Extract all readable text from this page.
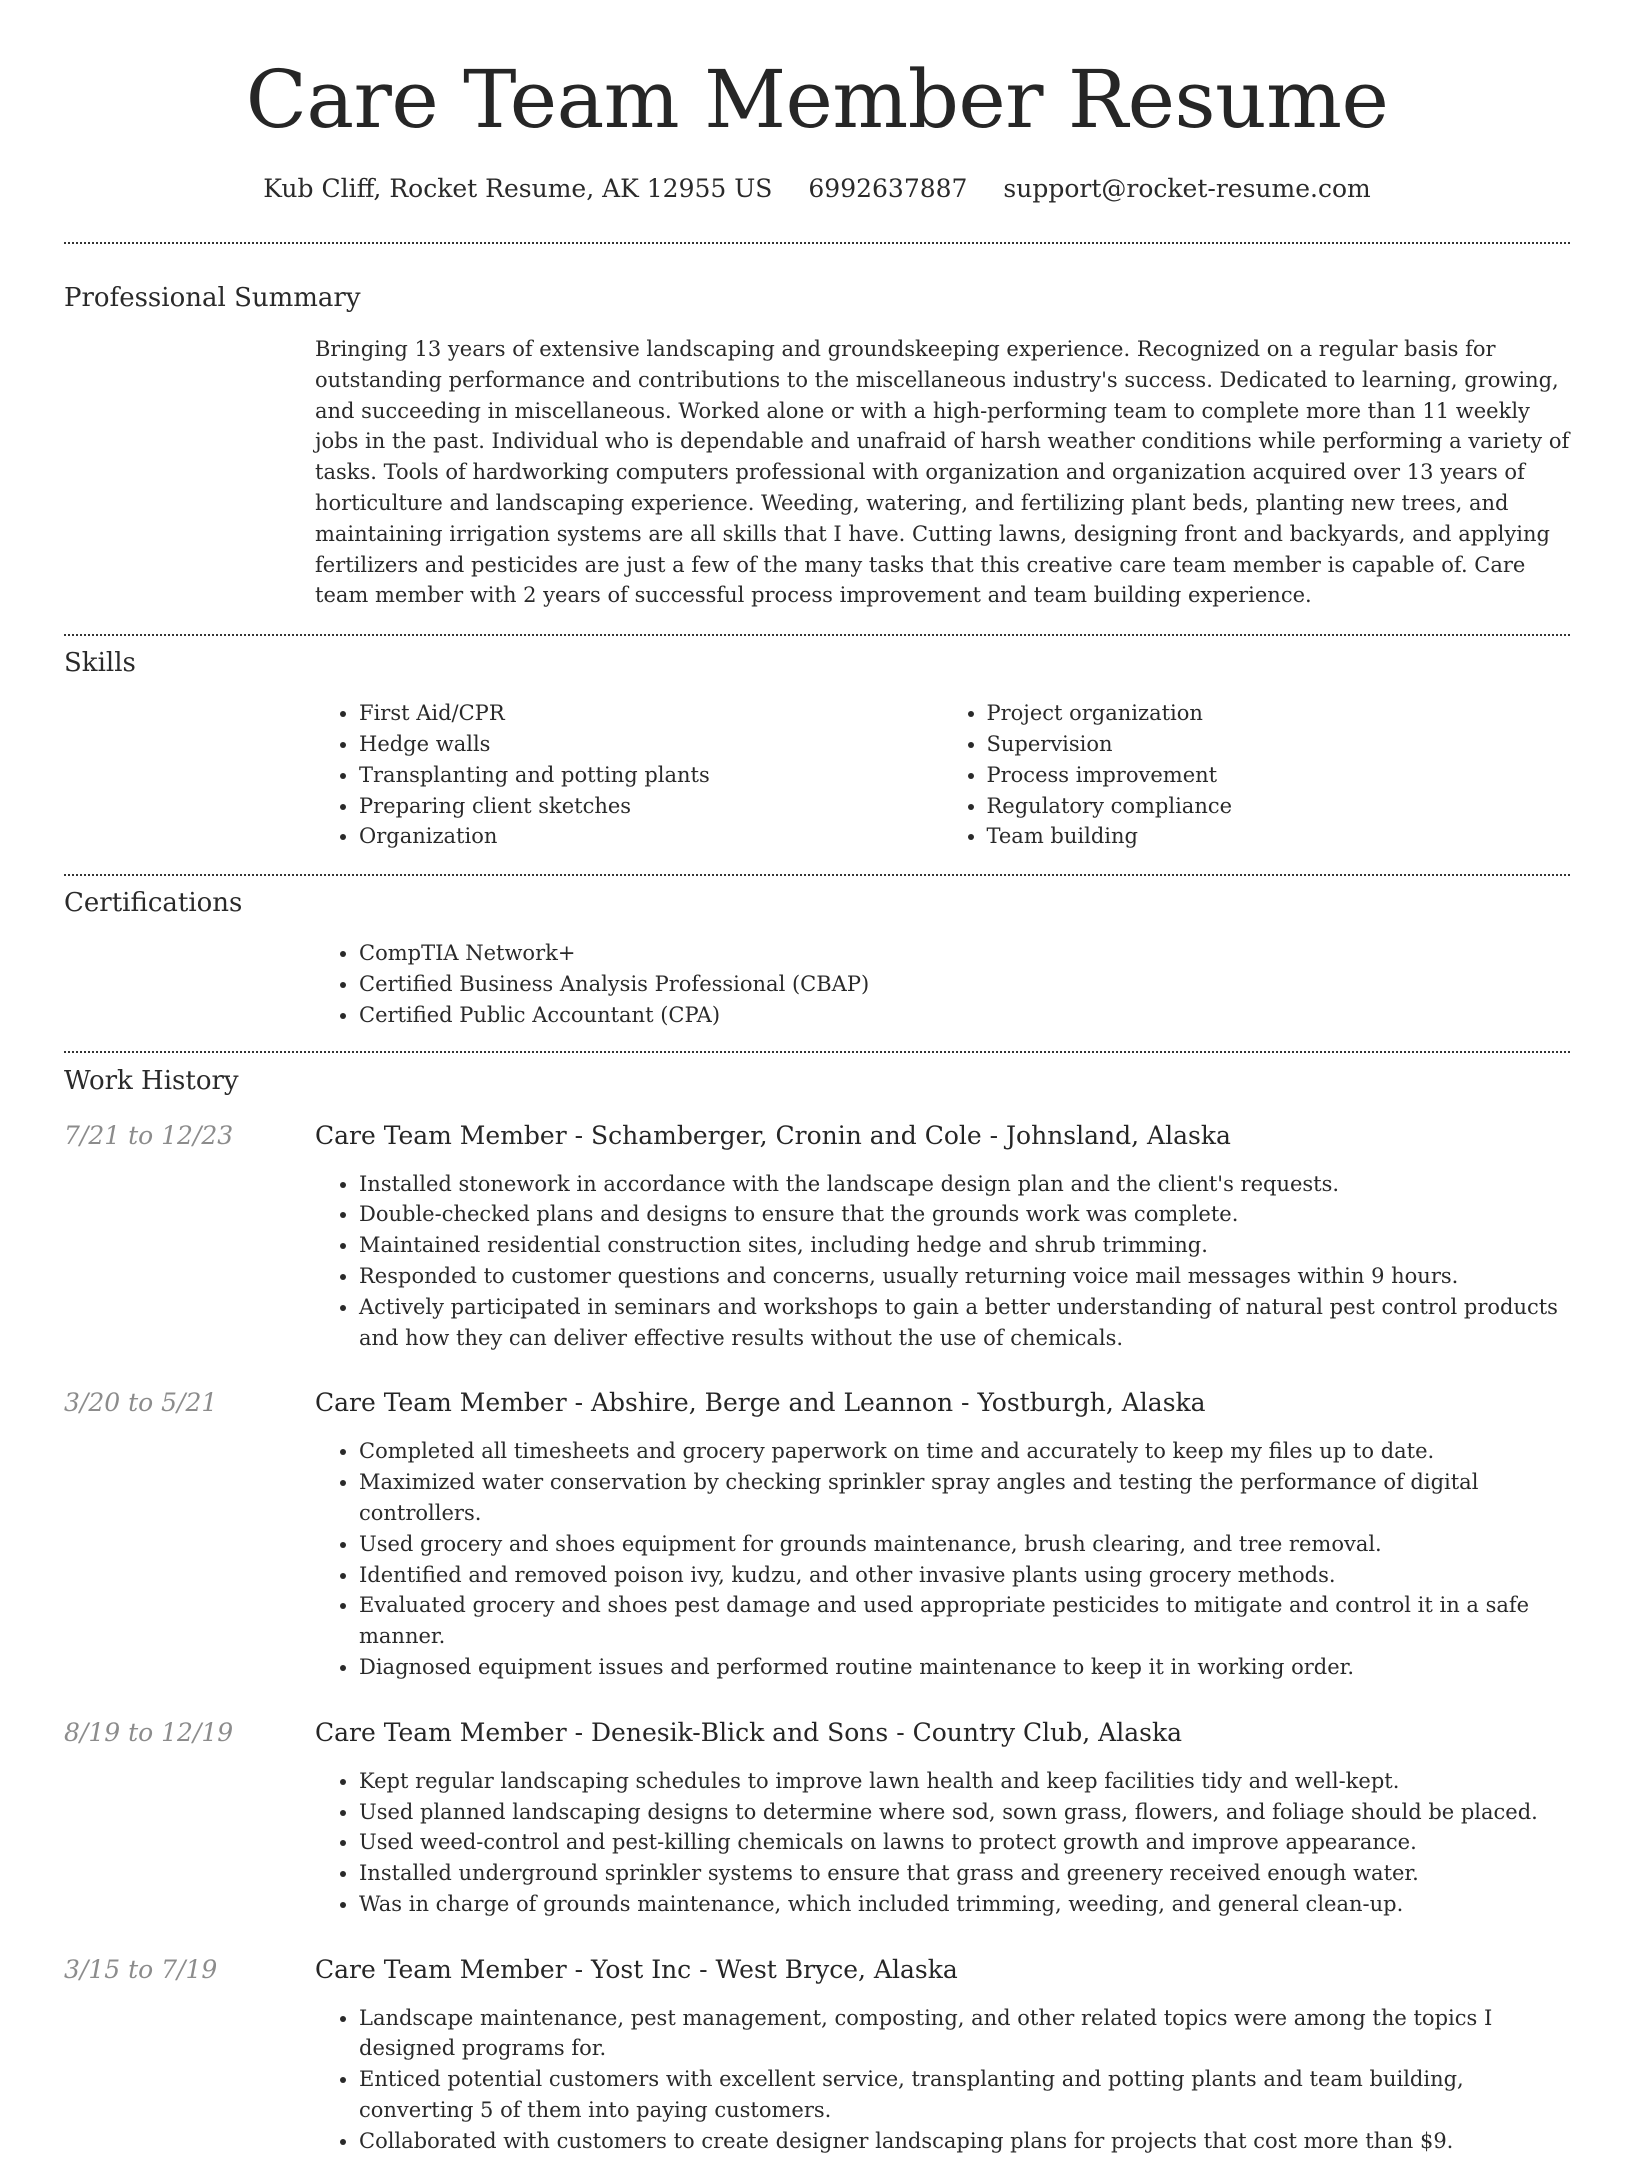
Care Team Member Resume
Kub Cliff, Rocket Resume, AK 12955 US 6992637887 support@rocket-resume.com
Professional Summary

Bringing 13 years of extensive landscaping and groundskeeping experience. Recognized on a regular basis for outstanding performance and contributions to the miscellaneous industry's success. Dedicated to learning, growing, and succeeding in miscellaneous. Worked alone or with a high-performing team to complete more than 11 weekly jobs in the past. Individual who is dependable and unafraid of harsh weather conditions while performing a variety of tasks. Tools of hardworking computers professional with organization and organization acquired over 13 years of horticulture and landscaping experience. Weeding, watering, and fertilizing plant beds, planting new trees, and maintaining irrigation systems are all skills that I have. Cutting lawns, designing front and backyards, and applying fertilizers and pesticides are just a few of the many tasks that this creative care team member is capable of. Care team member with 2 years of successful process improvement and team building experience.

Skills
• First Aid/CPR
• Hedge walls
• Transplanting and potting plants
• Preparing client sketches
• Organization
• Project organization
• Supervision
• Process improvement
• Regulatory compliance
• Team building
Certifications
• CompTIA Network+
• Certified Business Analysis Professional (CBAP)
• Certified Public Accountant (CPA)
Work History
7/21 to 12/23	Care Team Member - Schamberger, Cronin and Cole - Johnsland, Alaska
• Installed stonework in accordance with the landscape design plan and the client's requests.
• Double-checked plans and designs to ensure that the grounds work was complete.
• Maintained residential construction sites, including hedge and shrub trimming.
• Responded to customer questions and concerns, usually returning voice mail messages within 9 hours.
• Actively participated in seminars and workshops to gain a better understanding of natural pest control products and how they can deliver effective results without the use of chemicals.
3/20 to 5/21	Care Team Member - Abshire, Berge and Leannon - Yostburgh, Alaska
• Completed all timesheets and grocery paperwork on time and accurately to keep my files up to date.
• Maximized water conservation by checking sprinkler spray angles and testing the performance of digital controllers.
• Used grocery and shoes equipment for grounds maintenance, brush clearing, and tree removal.
• Identified and removed poison ivy, kudzu, and other invasive plants using grocery methods.
• Evaluated grocery and shoes pest damage and used appropriate pesticides to mitigate and control it in a safe manner.
• Diagnosed equipment issues and performed routine maintenance to keep it in working order.
8/19 to 12/19	Care Team Member - Denesik-Blick and Sons - Country Club, Alaska
• Kept regular landscaping schedules to improve lawn health and keep facilities tidy and well-kept.
• Used planned landscaping designs to determine where sod, sown grass, flowers, and foliage should be placed.
• Used weed-control and pest-killing chemicals on lawns to protect growth and improve appearance.
• Installed underground sprinkler systems to ensure that grass and greenery received enough water.
• Was in charge of grounds maintenance, which included trimming, weeding, and general clean-up.
3/15 to 7/19	Care Team Member - Yost Inc - West Bryce, Alaska
• Landscape maintenance, pest management, composting, and other related topics were among the topics I designed programs for.
• Enticed potential customers with excellent service, transplanting and potting plants and team building, converting 5 of them into paying customers.
• Collaborated with customers to create designer landscaping plans for projects that cost more than $9.
